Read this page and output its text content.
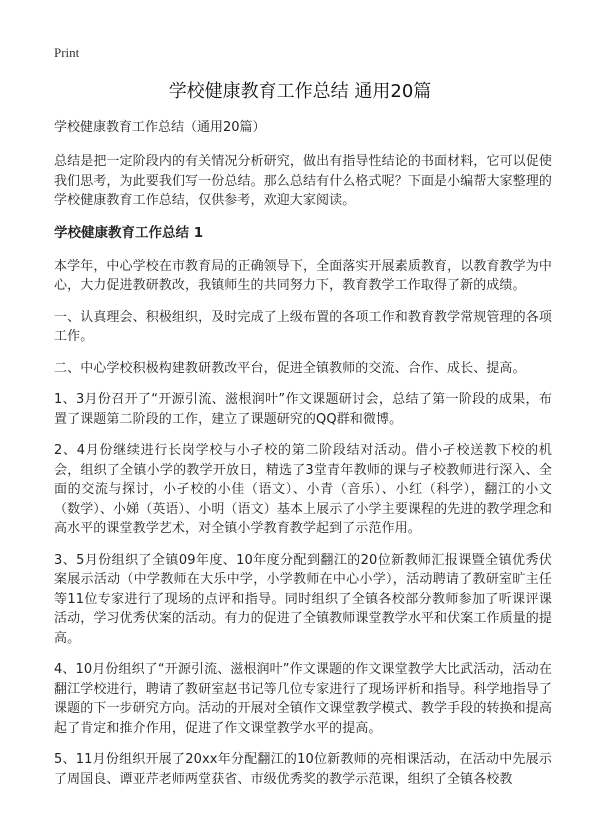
Print
学校健康教育工作总结 通用20篇
学校健康教育工作总结（通用20篇）

总结是把一定阶段内的有关情况分析研究，做出有指导性结论的书面材料，它可以促使我们思考，为此要我们写一份总结。那么总结有什么格式呢？下面是小编帮大家整理的学校健康教育工作总结，仅供参考，欢迎大家阅读。

学校健康教育工作总结 1

本学年，中心学校在市教育局的正确领导下，全面落实开展素质教育，以教育教学为中心，大力促进教研教改，我镇师生的共同努力下，教育教学工作取得了新的成绩。

一、认真理会、积极组织，及时完成了上级布置的各项工作和教育教学常规管理的各项工作。

二、中心学校积极构建教研教改平台，促进全镇教师的交流、合作、成长、提高。

1、3月份召开了“开源引流、滋根润叶”作文课题研讨会，总结了第一阶段的成果，布置了课题第二阶段的工作，建立了课题研究的QQ群和微博。

2、4月份继续进行长岗学校与小孑校的第二阶段结对活动。借小孑校送教下校的机会，组织了全镇小学的教学开放日，精选了3堂青年教师的课与孑校教师进行深入、全面的交流与探讨，小孑校的小佳（语文）、小青（音乐）、小红（科学），翻江的小文（数学）、小娣（英语）、小明（语文）基本上展示了小学主要课程的先进的教学理念和高水平的课堂教学艺术，对全镇小学教育教学起到了示范作用。

3、5月份组织了全镇09年度、10年度分配到翻江的20位新教师汇报课暨全镇优秀伏案展示活动（中学教师在大乐中学，小学教师在中心小学），活动聘请了教研室旷主任等11位专家进行了现场的点评和指导。同时组织了全镇各校部分教师参加了听课评课活动，学习优秀伏案的活动。有力的促进了全镇教师课堂教学水平和伏案工作质量的提高。

4、10月份组织了“开源引流、滋根润叶”作文课题的作文课堂教学大比武活动，活动在翻江学校进行，聘请了教研室赵书记等几位专家进行了现场评析和指导。科学地指导了课题的下一步研究方向。活动的开展对全镇作文课堂教学模式、教学手段的转换和提高起了肯定和推介作用，促进了作文课堂教学水平的提高。

5、11月份组织开展了20xx年分配翻江的10位新教师的亮相课活动，在活动中先展示了周国良、谭亚芹老师两堂获省、市级优秀奖的教学示范课，组织了全镇各校教
